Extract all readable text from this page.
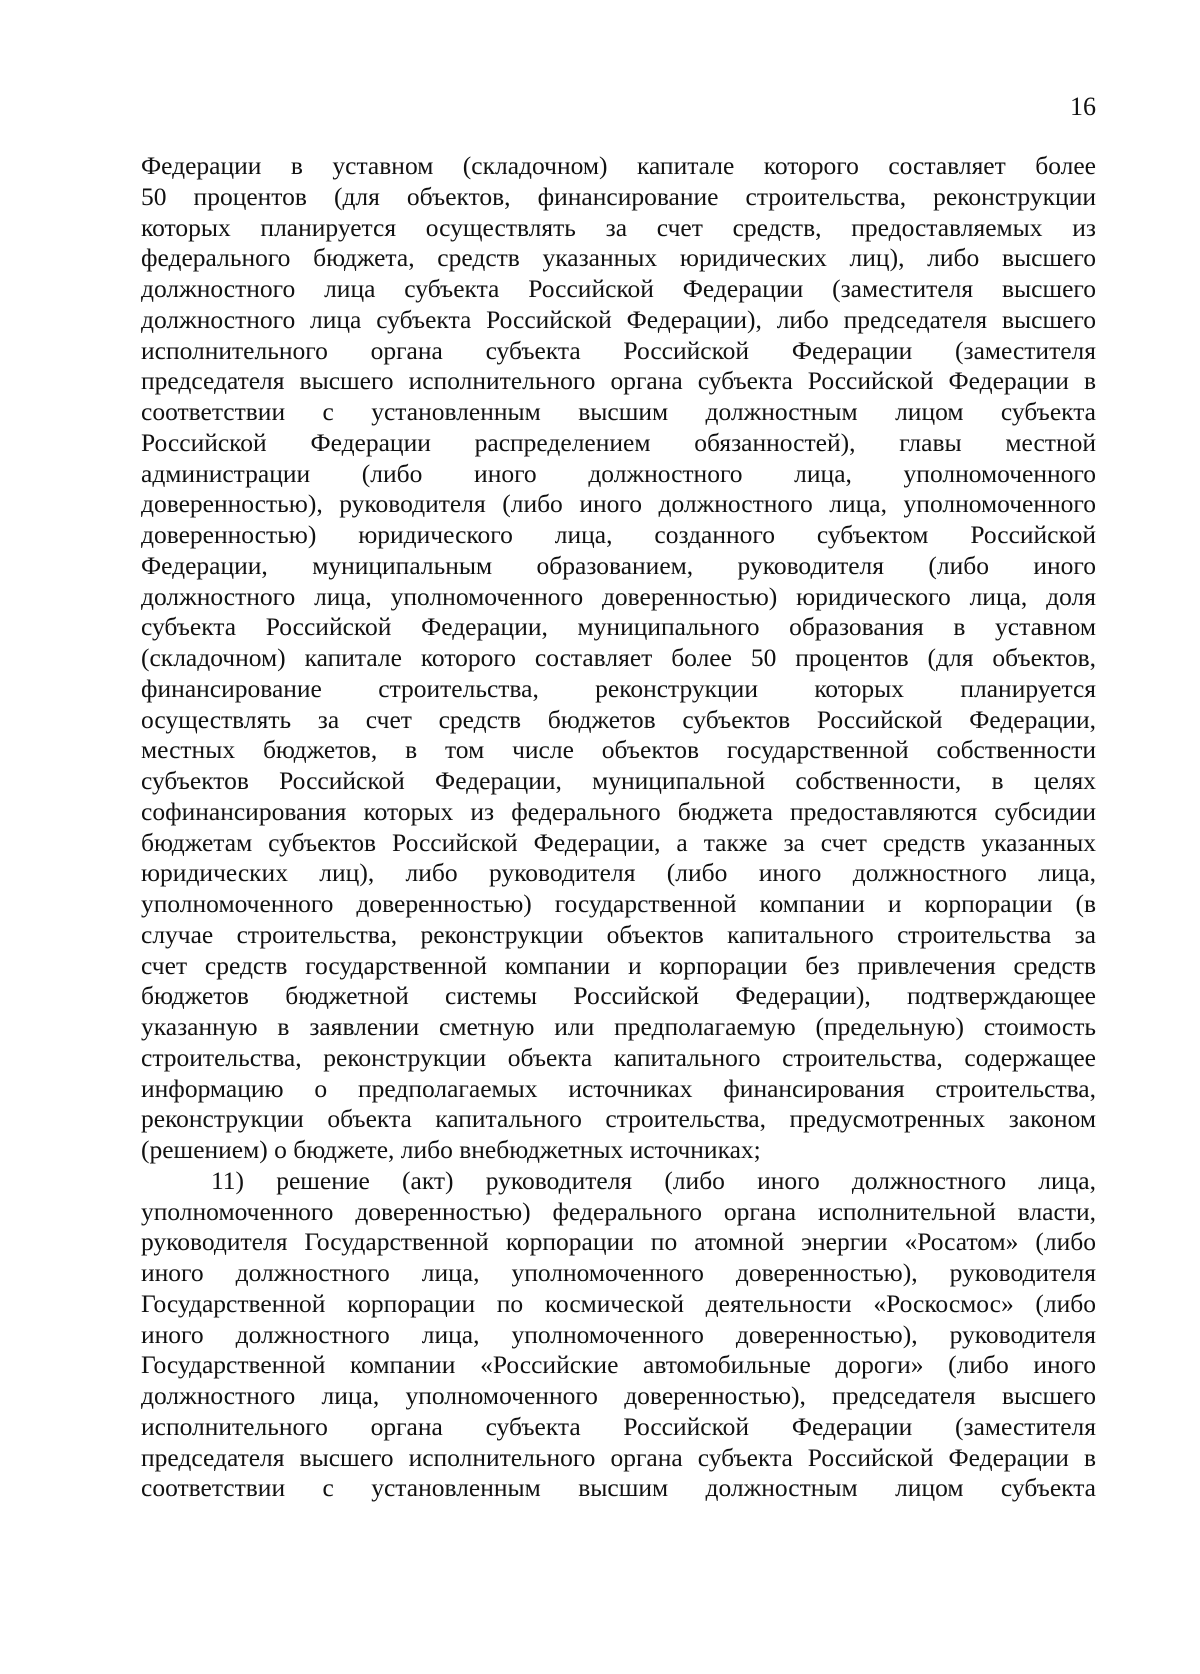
16
Федерации в уставном (складочном) капитале которого составляет более
50 процентов (для объектов, финансирование строительства, реконструкции
которых планируется осуществлять за счет средств, предоставляемых из
федерального бюджета, средств указанных юридических лиц), либо высшего
должностного лица субъекта Российской Федерации (заместителя высшего
должностного лица субъекта Российской Федерации), либо председателя высшего
исполнительного органа субъекта Российской Федерации (заместителя
председателя высшего исполнительного органа субъекта Российской Федерации в
соответствии с установленным высшим должностным лицом субъекта
Российской Федерации распределением обязанностей), главы местной
администрации (либо иного должностного лица, уполномоченного
доверенностью), руководителя (либо иного должностного лица, уполномоченного
доверенностью) юридического лица, созданного субъектом Российской
Федерации, муниципальным образованием, руководителя (либо иного
должностного лица, уполномоченного доверенностью) юридического лица, доля
субъекта Российской Федерации, муниципального образования в уставном
(складочном) капитале которого составляет более 50 процентов (для объектов,
финансирование строительства, реконструкции которых планируется
осуществлять за счет средств бюджетов субъектов Российской Федерации,
местных бюджетов, в том числе объектов государственной собственности
субъектов Российской Федерации, муниципальной собственности, в целях
софинансирования которых из федерального бюджета предоставляются субсидии
бюджетам субъектов Российской Федерации, а также за счет средств указанных
юридических лиц), либо руководителя (либо иного должностного лица,
уполномоченного доверенностью) государственной компании и корпорации (в
случае строительства, реконструкции объектов капитального строительства за
счет средств государственной компании и корпорации без привлечения средств
бюджетов бюджетной системы Российской Федерации), подтверждающее
указанную в заявлении сметную или предполагаемую (предельную) стоимость
строительства, реконструкции объекта капитального строительства, содержащее
информацию о предполагаемых источниках финансирования строительства,
реконструкции объекта капитального строительства, предусмотренных законом
(решением) о бюджете, либо внебюджетных источниках;
11) решение (акт) руководителя (либо иного должностного лица,
уполномоченного доверенностью) федерального органа исполнительной власти,
руководителя Государственной корпорации по атомной энергии «Росатом» (либо
иного должностного лица, уполномоченного доверенностью), руководителя
Государственной корпорации по космической деятельности «Роскосмос» (либо
иного должностного лица, уполномоченного доверенностью), руководителя
Государственной компании «Российские автомобильные дороги» (либо иного
должностного лица, уполномоченного доверенностью), председателя высшего
исполнительного органа субъекта Российской Федерации (заместителя
председателя высшего исполнительного органа субъекта Российской Федерации в
соответствии с установленным высшим должностным лицом субъекта
